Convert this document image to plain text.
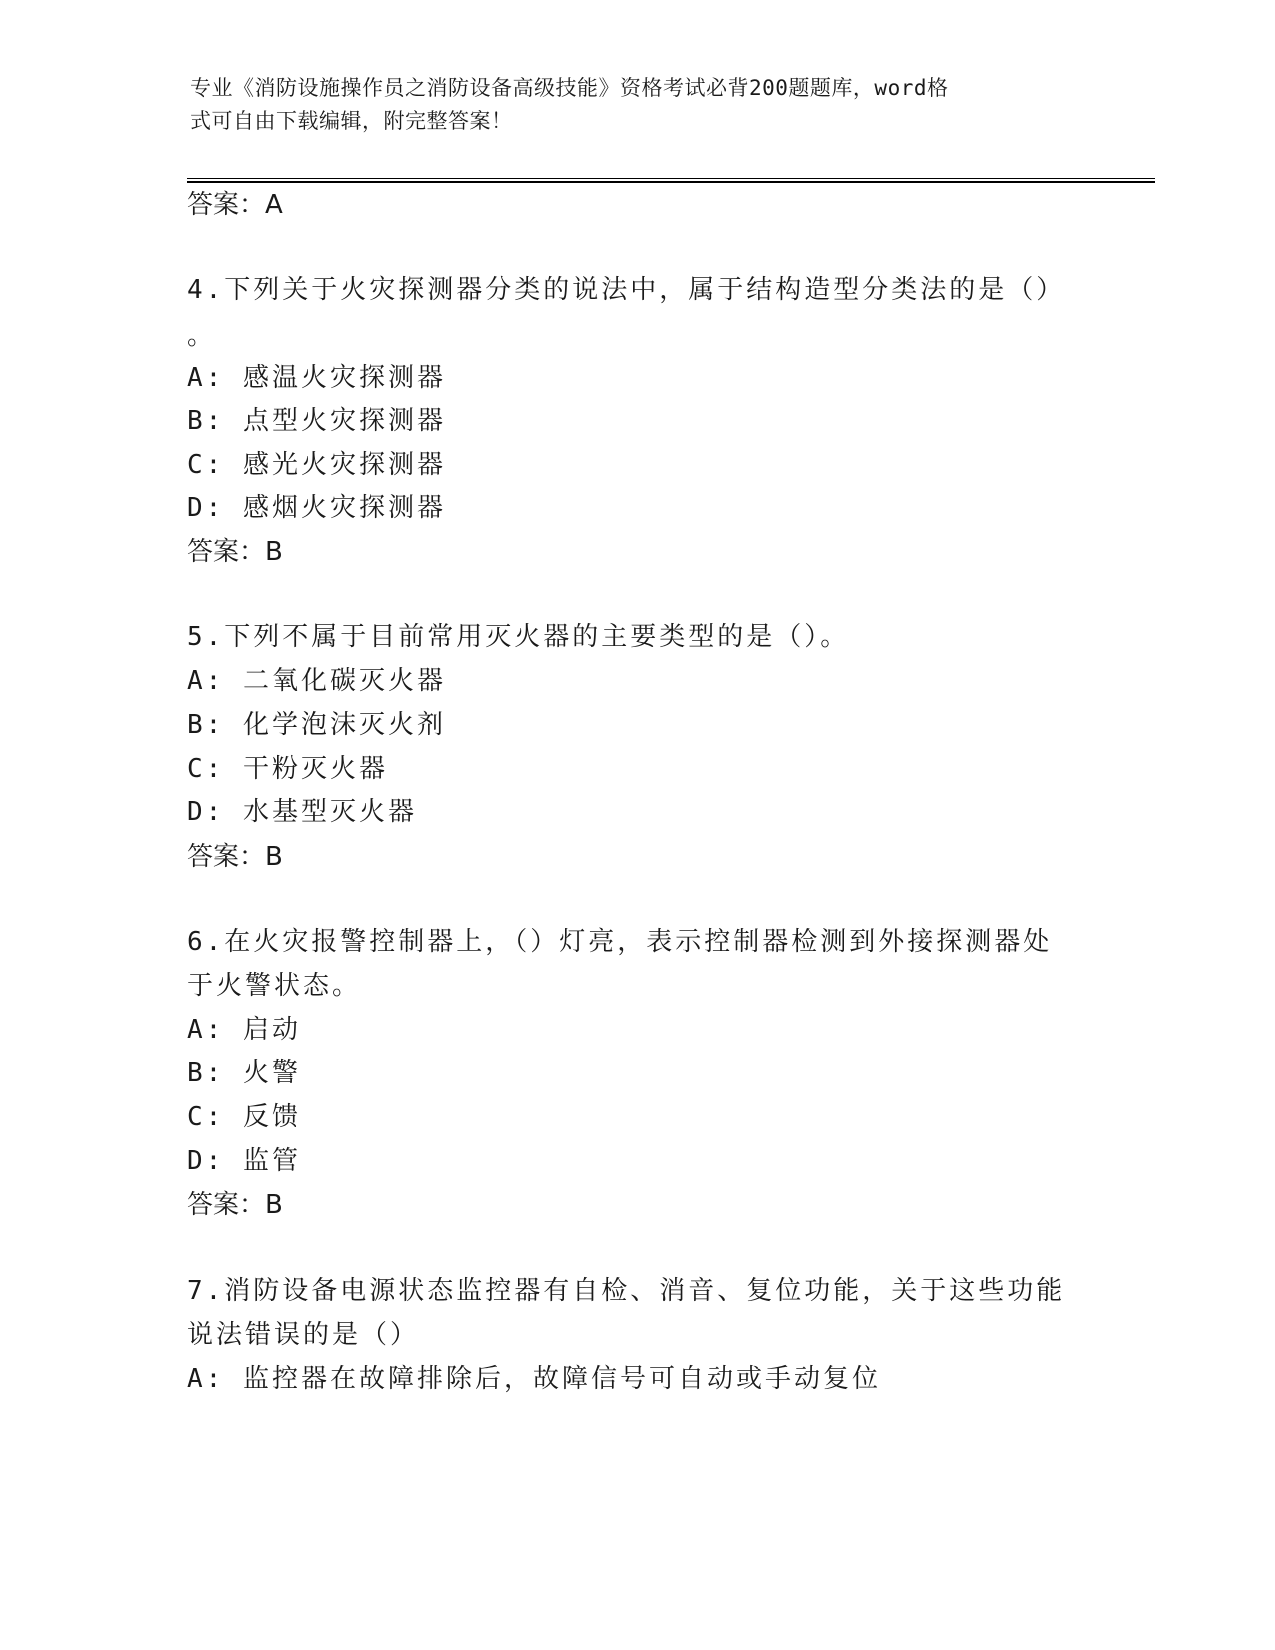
专业《消防设施操作员之消防设备高级技能》资格考试必背200题题库，word格
式可自由下载编辑，附完整答案！
答案：A
4.下列关于火灾探测器分类的说法中，属于结构造型分类法的是（）
。
A: 感温火灾探测器
B: 点型火灾探测器
C: 感光火灾探测器
D: 感烟火灾探测器
答案：B
5.下列不属于目前常用灭火器的主要类型的是（）。
A: 二氧化碳灭火器
B: 化学泡沫灭火剂
C: 干粉灭火器
D: 水基型灭火器
答案：B
6.在火灾报警控制器上，（）灯亮，表示控制器检测到外接探测器处
于火警状态。
A: 启动
B: 火警
C: 反馈
D: 监管
答案：B
7.消防设备电源状态监控器有自检、消音、复位功能，关于这些功能
说法错误的是（）
A: 监控器在故障排除后，故障信号可自动或手动复位
